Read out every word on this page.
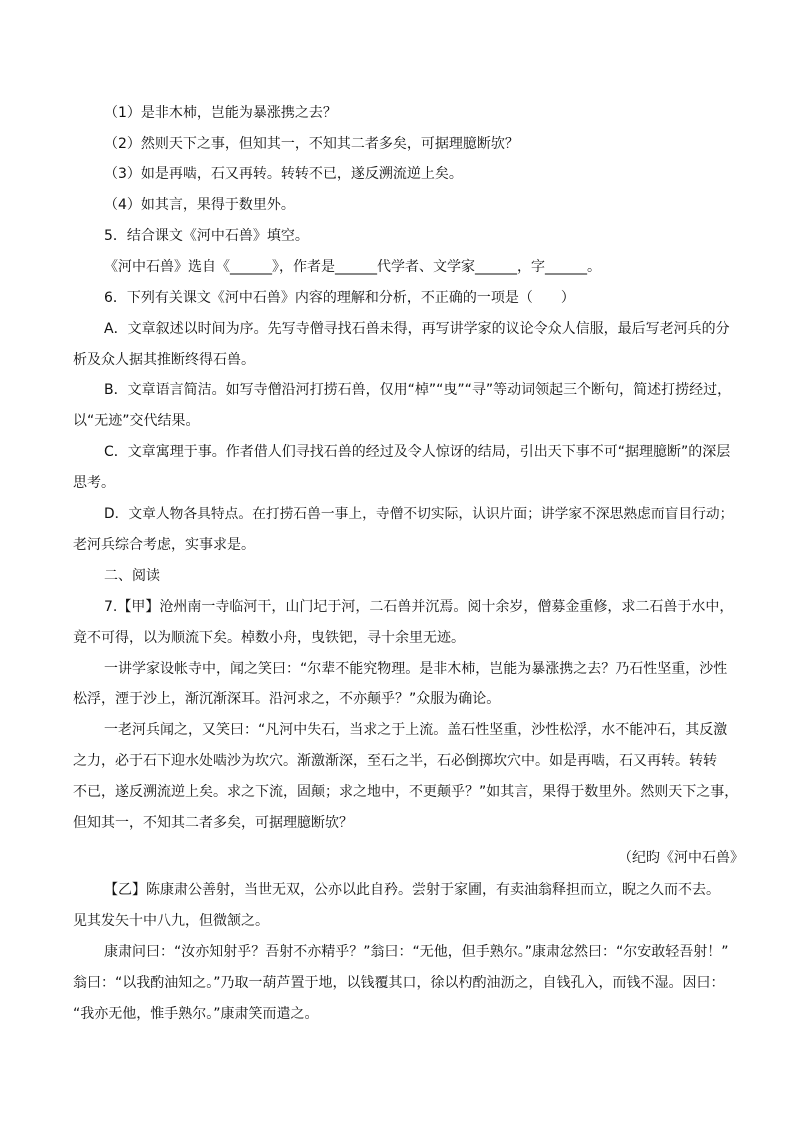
（1）是非木杮，岂能为暴涨携之去？
（2）然则天下之事，但知其一，不知其二者多矣，可据理臆断欤？
（3）如是再啮，石又再转。转转不已，遂反溯流逆上矣。
（4）如其言，果得于数里外。
5．结合课文《河中石兽》填空。
《河中石兽》选自《______》，作者是______代学者、文学家______，字______。
6．下列有关课文《河中石兽》内容的理解和分析，不正确的一项是（　　）
A．文章叙述以时间为序。先写寺僧寻找石兽未得，再写讲学家的议论令众人信服，最后写老河兵的分
析及众人据其推断终得石兽。
B．文章语言简洁。如写寺僧沿河打捞石兽，仅用“棹”“曳”“寻”等动词领起三个断句，简述打捞经过，
以“无迹”交代结果。
C．文章寓理于事。作者借人们寻找石兽的经过及令人惊讶的结局，引出天下事不可“据理臆断”的深层
思考。
D．文章人物各具特点。在打捞石兽一事上，寺僧不切实际，认识片面；讲学家不深思熟虑而盲目行动；
老河兵综合考虑，实事求是。
二、阅读
7.【甲】沧州南一寺临河干，山门圮于河，二石兽并沉焉。阅十余岁，僧募金重修，求二石兽于水中，
竟不可得，以为顺流下矣。棹数小舟，曳铁钯，寻十余里无迹。
一讲学家设帐寺中，闻之笑曰：“尔辈不能究物理。是非木杮，岂能为暴涨携之去？乃石性坚重，沙性
松浮，湮于沙上，渐沉渐深耳。沿河求之，不亦颠乎？”众服为确论。
一老河兵闻之，又笑曰：“凡河中失石，当求之于上流。盖石性坚重，沙性松浮，水不能冲石，其反激
之力，必于石下迎水处啮沙为坎穴。渐激渐深，至石之半，石必倒掷坎穴中。如是再啮，石又再转。转转
不已，遂反溯流逆上矣。求之下流，固颠；求之地中，不更颠乎？”如其言，果得于数里外。然则天下之事，
但知其一，不知其二者多矣，可据理臆断欤？
（纪昀《河中石兽》
【乙】陈康肃公善射，当世无双，公亦以此自矜。尝射于家圃，有卖油翁释担而立，睨之久而不去。
见其发矢十中八九，但微颔之。
康肃问曰：“汝亦知射乎？吾射不亦精乎？”翁曰：“无他，但手熟尔。”康肃忿然曰：“尔安敢轻吾射！”
翁曰：“以我酌油知之。”乃取一葫芦置于地，以钱覆其口，徐以杓酌油沥之，自钱孔入，而钱不湿。因曰：
“我亦无他，惟手熟尔。”康肃笑而遣之。
